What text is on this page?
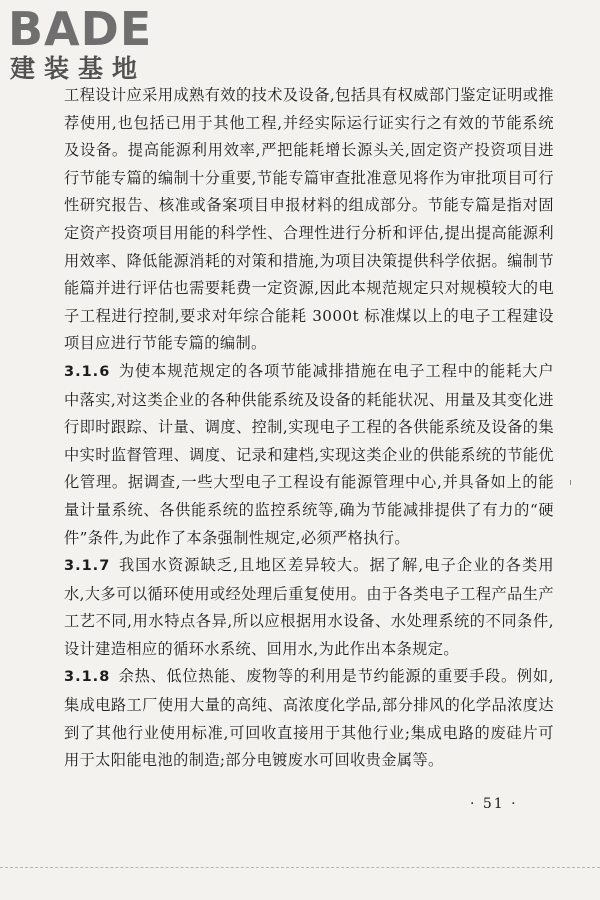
BADE
建装基地

工程设计应采用成熟有效的技术及设备,包括具有权威部门鉴定证明或推荐使用,也包括已用于其他工程,并经实际运行证实行之有效的节能系统及设备。提高能源利用效率,严把能耗增长源头关,固定资产投资项目进行节能专篇的编制十分重要,节能专篇审查批准意见将作为审批项目可行性研究报告、核准或备案项目申报材料的组成部分。节能专篇是指对固定资产投资项目用能的科学性、合理性进行分析和评估,提出提高能源利用效率、降低能源消耗的对策和措施,为项目决策提供科学依据。编制节能篇并进行评估也需要耗费一定资源,因此本规范规定只对规模较大的电子工程进行控制,要求对年综合能耗 3000t 标准煤以上的电子工程建设项目应进行节能专篇的编制。

3.1.6 为使本规范规定的各项节能减排措施在电子工程中的能耗大户中落实,对这类企业的各种供能系统及设备的耗能状况、用量及其变化进行即时跟踪、计量、调度、控制,实现电子工程的各供能系统及设备的集中实时监督管理、调度、记录和建档,实现这类企业的供能系统的节能优化管理。据调查,一些大型电子工程设有能源管理中心,并具备如上的能量计量系统、各供能系统的监控系统等,确为节能减排提供了有力的“硬件”条件,为此作了本条强制性规定,必须严格执行。

3.1.7 我国水资源缺乏,且地区差异较大。据了解,电子企业的各类用水,大多可以循环使用或经处理后重复使用。由于各类电子工程产品生产工艺不同,用水特点各异,所以应根据用水设备、水处理系统的不同条件,设计建造相应的循环水系统、回用水,为此作出本条规定。

3.1.8 余热、低位热能、废物等的利用是节约能源的重要手段。例如,集成电路工厂使用大量的高纯、高浓度化学品,部分排风的化学品浓度达到了其他行业使用标准,可回收直接用于其他行业;集成电路的废硅片可用于太阳能电池的制造;部分电镀废水可回收贵金属等。

· 51 ·
